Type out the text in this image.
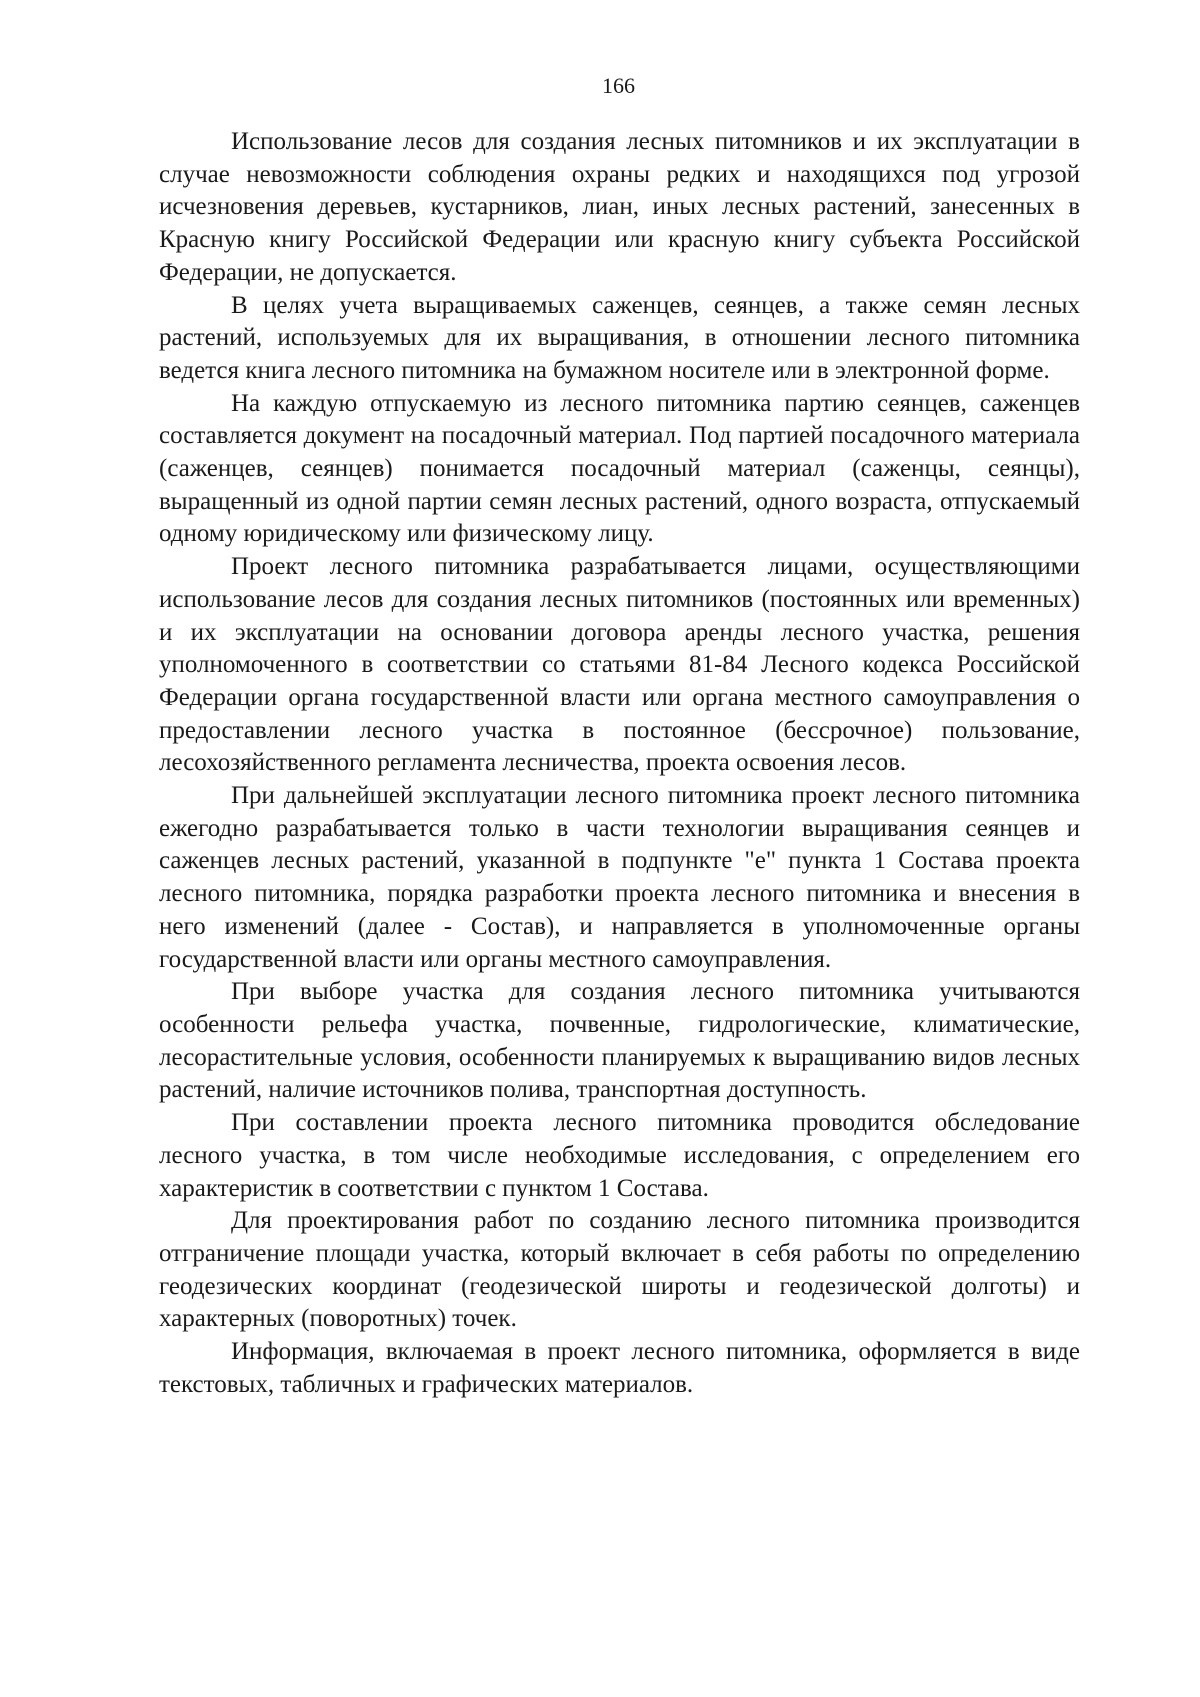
166

Использование лесов для создания лесных питомников и их эксплуатации в случае невозможности соблюдения охраны редких и находящихся под угрозой исчезновения деревьев, кустарников, лиан, иных лесных растений, занесенных в Красную книгу Российской Федерации или красную книгу субъекта Российской Федерации, не допускается.

В целях учета выращиваемых саженцев, сеянцев, а также семян лесных растений, используемых для их выращивания, в отношении лесного питомника ведется книга лесного питомника на бумажном носителе или в электронной форме.

На каждую отпускаемую из лесного питомника партию сеянцев, саженцев составляется документ на посадочный материал. Под партией посадочного материала (саженцев, сеянцев) понимается посадочный материал (саженцы, сеянцы), выращенный из одной партии семян лесных растений, одного возраста, отпускаемый одному юридическому или физическому лицу.

Проект лесного питомника разрабатывается лицами, осуществляющими использование лесов для создания лесных питомников (постоянных или временных) и их эксплуатации на основании договора аренды лесного участка, решения уполномоченного в соответствии со статьями 81-84 Лесного кодекса Российской Федерации органа государственной власти или органа местного самоуправления о предоставлении лесного участка в постоянное (бессрочное) пользование, лесохозяйственного регламента лесничества, проекта освоения лесов.

При дальнейшей эксплуатации лесного питомника проект лесного питомника ежегодно разрабатывается только в части технологии выращивания сеянцев и саженцев лесных растений, указанной в подпункте "е" пункта 1 Состава проекта лесного питомника, порядка разработки проекта лесного питомника и внесения в него изменений (далее - Состав), и направляется в уполномоченные органы государственной власти или органы местного самоуправления.

При выборе участка для создания лесного питомника учитываются особенности рельефа участка, почвенные, гидрологические, климатические, лесорастительные условия, особенности планируемых к выращиванию видов лесных растений, наличие источников полива, транспортная доступность.

При составлении проекта лесного питомника проводится обследование лесного участка, в том числе необходимые исследования, с определением его характеристик в соответствии с пунктом 1 Состава.

Для проектирования работ по созданию лесного питомника производится отграничение площади участка, который включает в себя работы по определению геодезических координат (геодезической широты и геодезической долготы) и характерных (поворотных) точек.

Информация, включаемая в проект лесного питомника, оформляется в виде текстовых, табличных и графических материалов.
